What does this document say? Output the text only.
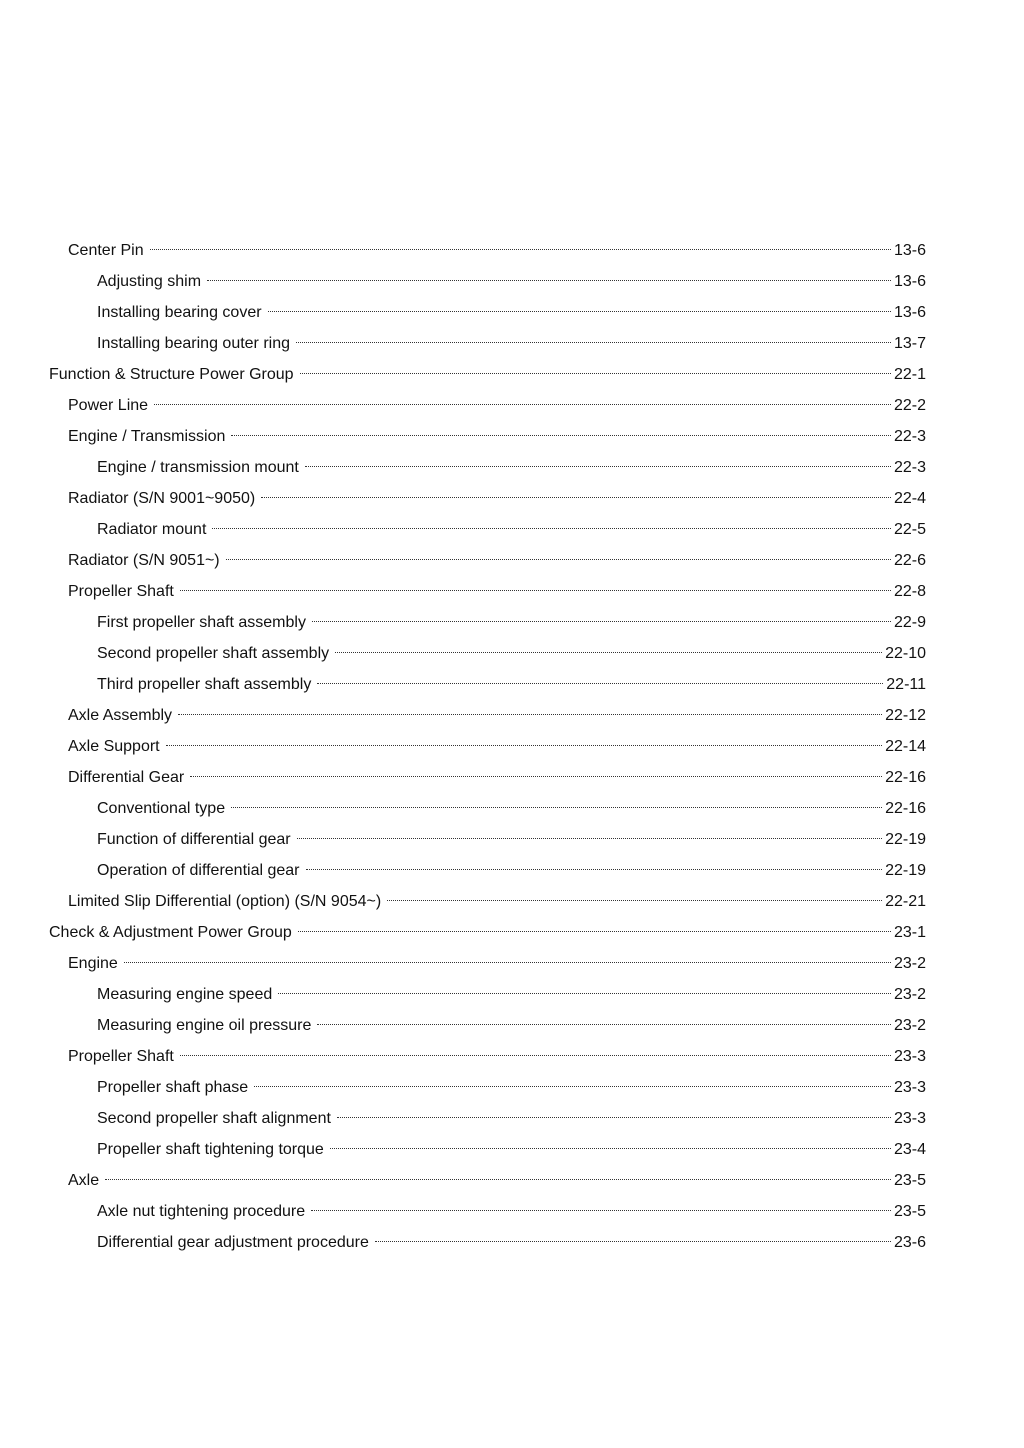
Center Pin	13-6
Adjusting shim	13-6
Installing bearing cover	13-6
Installing bearing outer ring	13-7
Function & Structure Power Group	22-1
Power Line	22-2
Engine / Transmission	22-3
Engine / transmission mount	22-3
Radiator (S/N 9001~9050)	22-4
Radiator mount	22-5
Radiator (S/N 9051~)	22-6
Propeller Shaft	22-8
First propeller shaft assembly	22-9
Second propeller shaft assembly	22-10
Third propeller shaft assembly	22-11
Axle Assembly	22-12
Axle Support	22-14
Differential Gear	22-16
Conventional type	22-16
Function of differential gear	22-19
Operation of differential gear	22-19
Limited Slip Differential (option) (S/N 9054~)	22-21
Check & Adjustment Power Group	23-1
Engine	23-2
Measuring engine speed	23-2
Measuring engine oil pressure	23-2
Propeller Shaft	23-3
Propeller shaft phase	23-3
Second propeller shaft alignment	23-3
Propeller shaft tightening torque	23-4
Axle	23-5
Axle nut tightening procedure	23-5
Differential gear adjustment procedure	23-6
